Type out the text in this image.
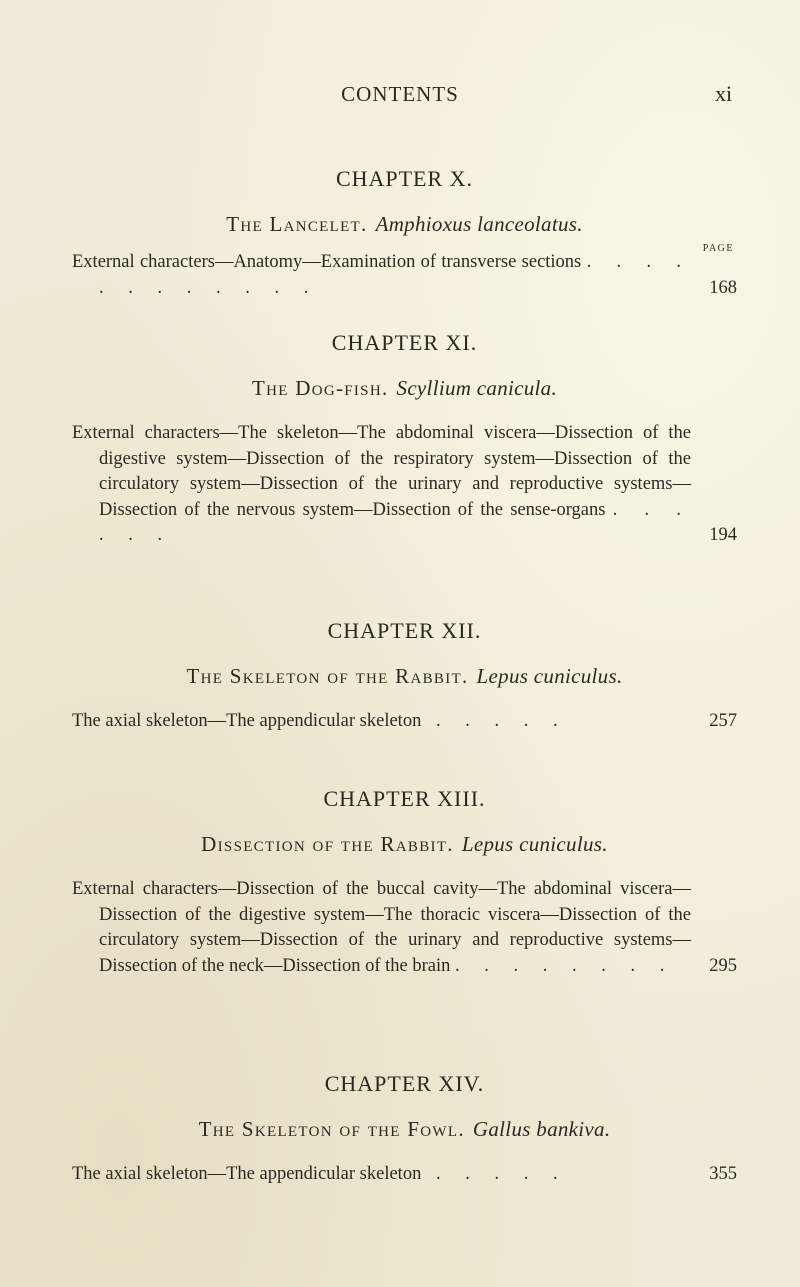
CONTENTS	xi
CHAPTER X.
The Lancelet. Amphioxus lanceolatus.
PAGE
External characters—Anatomy—Examination of transverse sections . . . . . . . . . . . .	168
CHAPTER XI.
The Dog-fish. Scyllium canicula.
External characters—The skeleton—The abdominal viscera—Dissection of the digestive system—Dissection of the respiratory system—Dissection of the circulatory system—Dissection of the urinary and reproductive systems—Dissection of the nervous system—Dissection of the sense-organs . . . . . .	194
CHAPTER XII.
The Skeleton of the Rabbit. Lepus cuniculus.
The axial skeleton—The appendicular skeleton . . . . .	257
CHAPTER XIII.
Dissection of the Rabbit. Lepus cuniculus.
External characters—Dissection of the buccal cavity—The abdominal viscera—Dissection of the digestive system—The thoracic viscera—Dissection of the circulatory system—Dissection of the urinary and reproductive systems—Dissection of the neck—Dissection of the brain . . . . . . . . 295
CHAPTER XIV.
The Skeleton of the Fowl. Gallus bankiva.
The axial skeleton—The appendicular skeleton . . . . .	355
